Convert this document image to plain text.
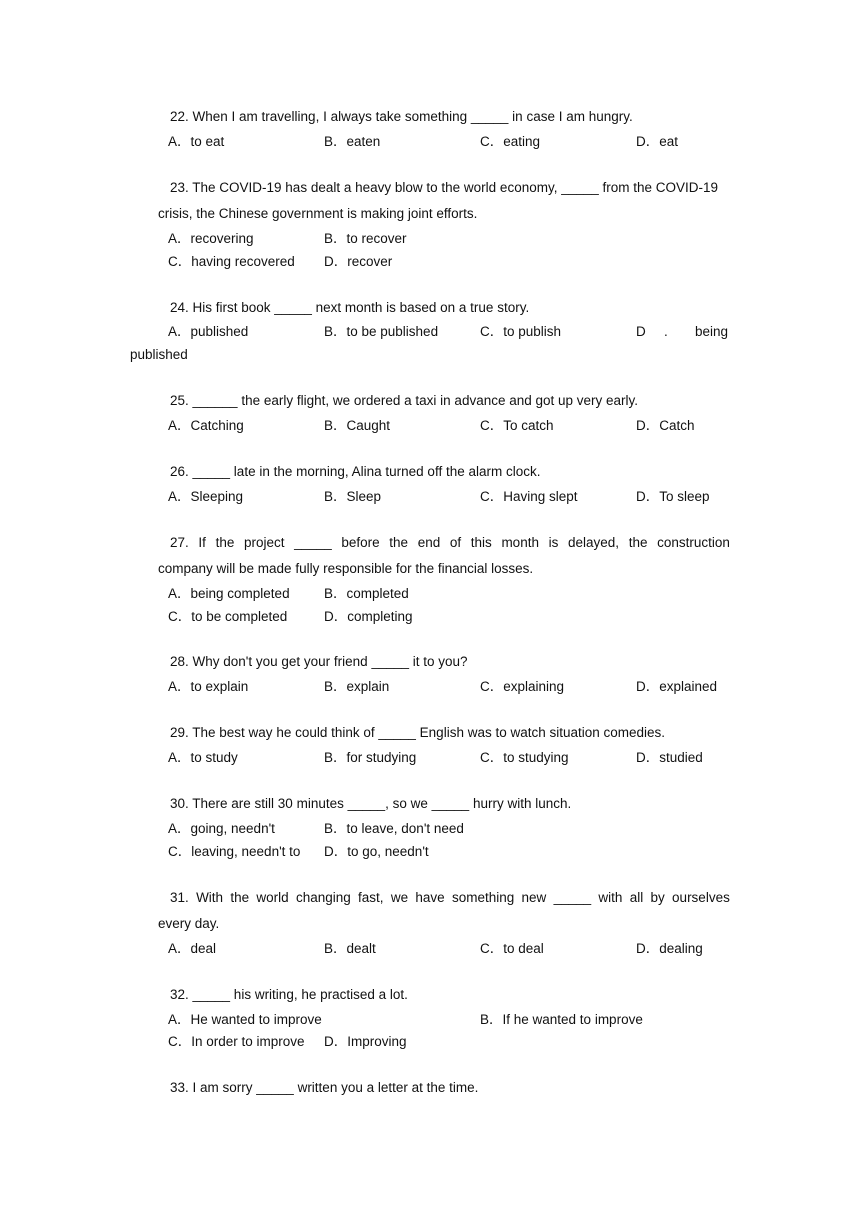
22. When I am travelling, I always take something _____ in case I am hungry.
A．to eat	B．eaten	C．eating	D．eat
23. The COVID-19 has dealt a heavy blow to the world economy, _____ from the COVID-19
crisis, the Chinese government is making joint efforts.
A．recovering	B．to recover
C．having recovered D．recover
24. His first book _____ next month is based on a true story.
A．published	B．to be published	C．to publish	D . being
published
25. ______ the early flight, we ordered a taxi in advance and got up very early.
A．Catching	B．Caught	C．To catch	D．Catch
26. _____ late in the morning, Alina turned off the alarm clock.
A．Sleeping	B．Sleep	C．Having slept	D．To sleep
27. If the project _____ before the end of this month is delayed, the construction
company will be made fully responsible for the financial losses.
A．being completed	B．completed
C．to be completed	D．completing
28. Why don't you get your friend _____ it to you?
A．to explain	B．explain	C．explaining	D．explained
29. The best way he could think of _____ English was to watch situation comedies.
A．to study	B．for studying	C．to studying	D．studied
30. There are still 30 minutes _____, so we _____ hurry with lunch.
A．going, needn't	B．to leave, don't need
C．leaving, needn't to D．to go, needn't
31. With the world changing fast, we have something new _____ with all by ourselves
every day.
A．deal	B．dealt	C．to deal	D．dealing
32. _____ his writing, he practised a lot.
A．He wanted to improve	B．If he wanted to improve
C．In order to improve D．Improving
33. I am sorry _____ written you a letter at the time.
